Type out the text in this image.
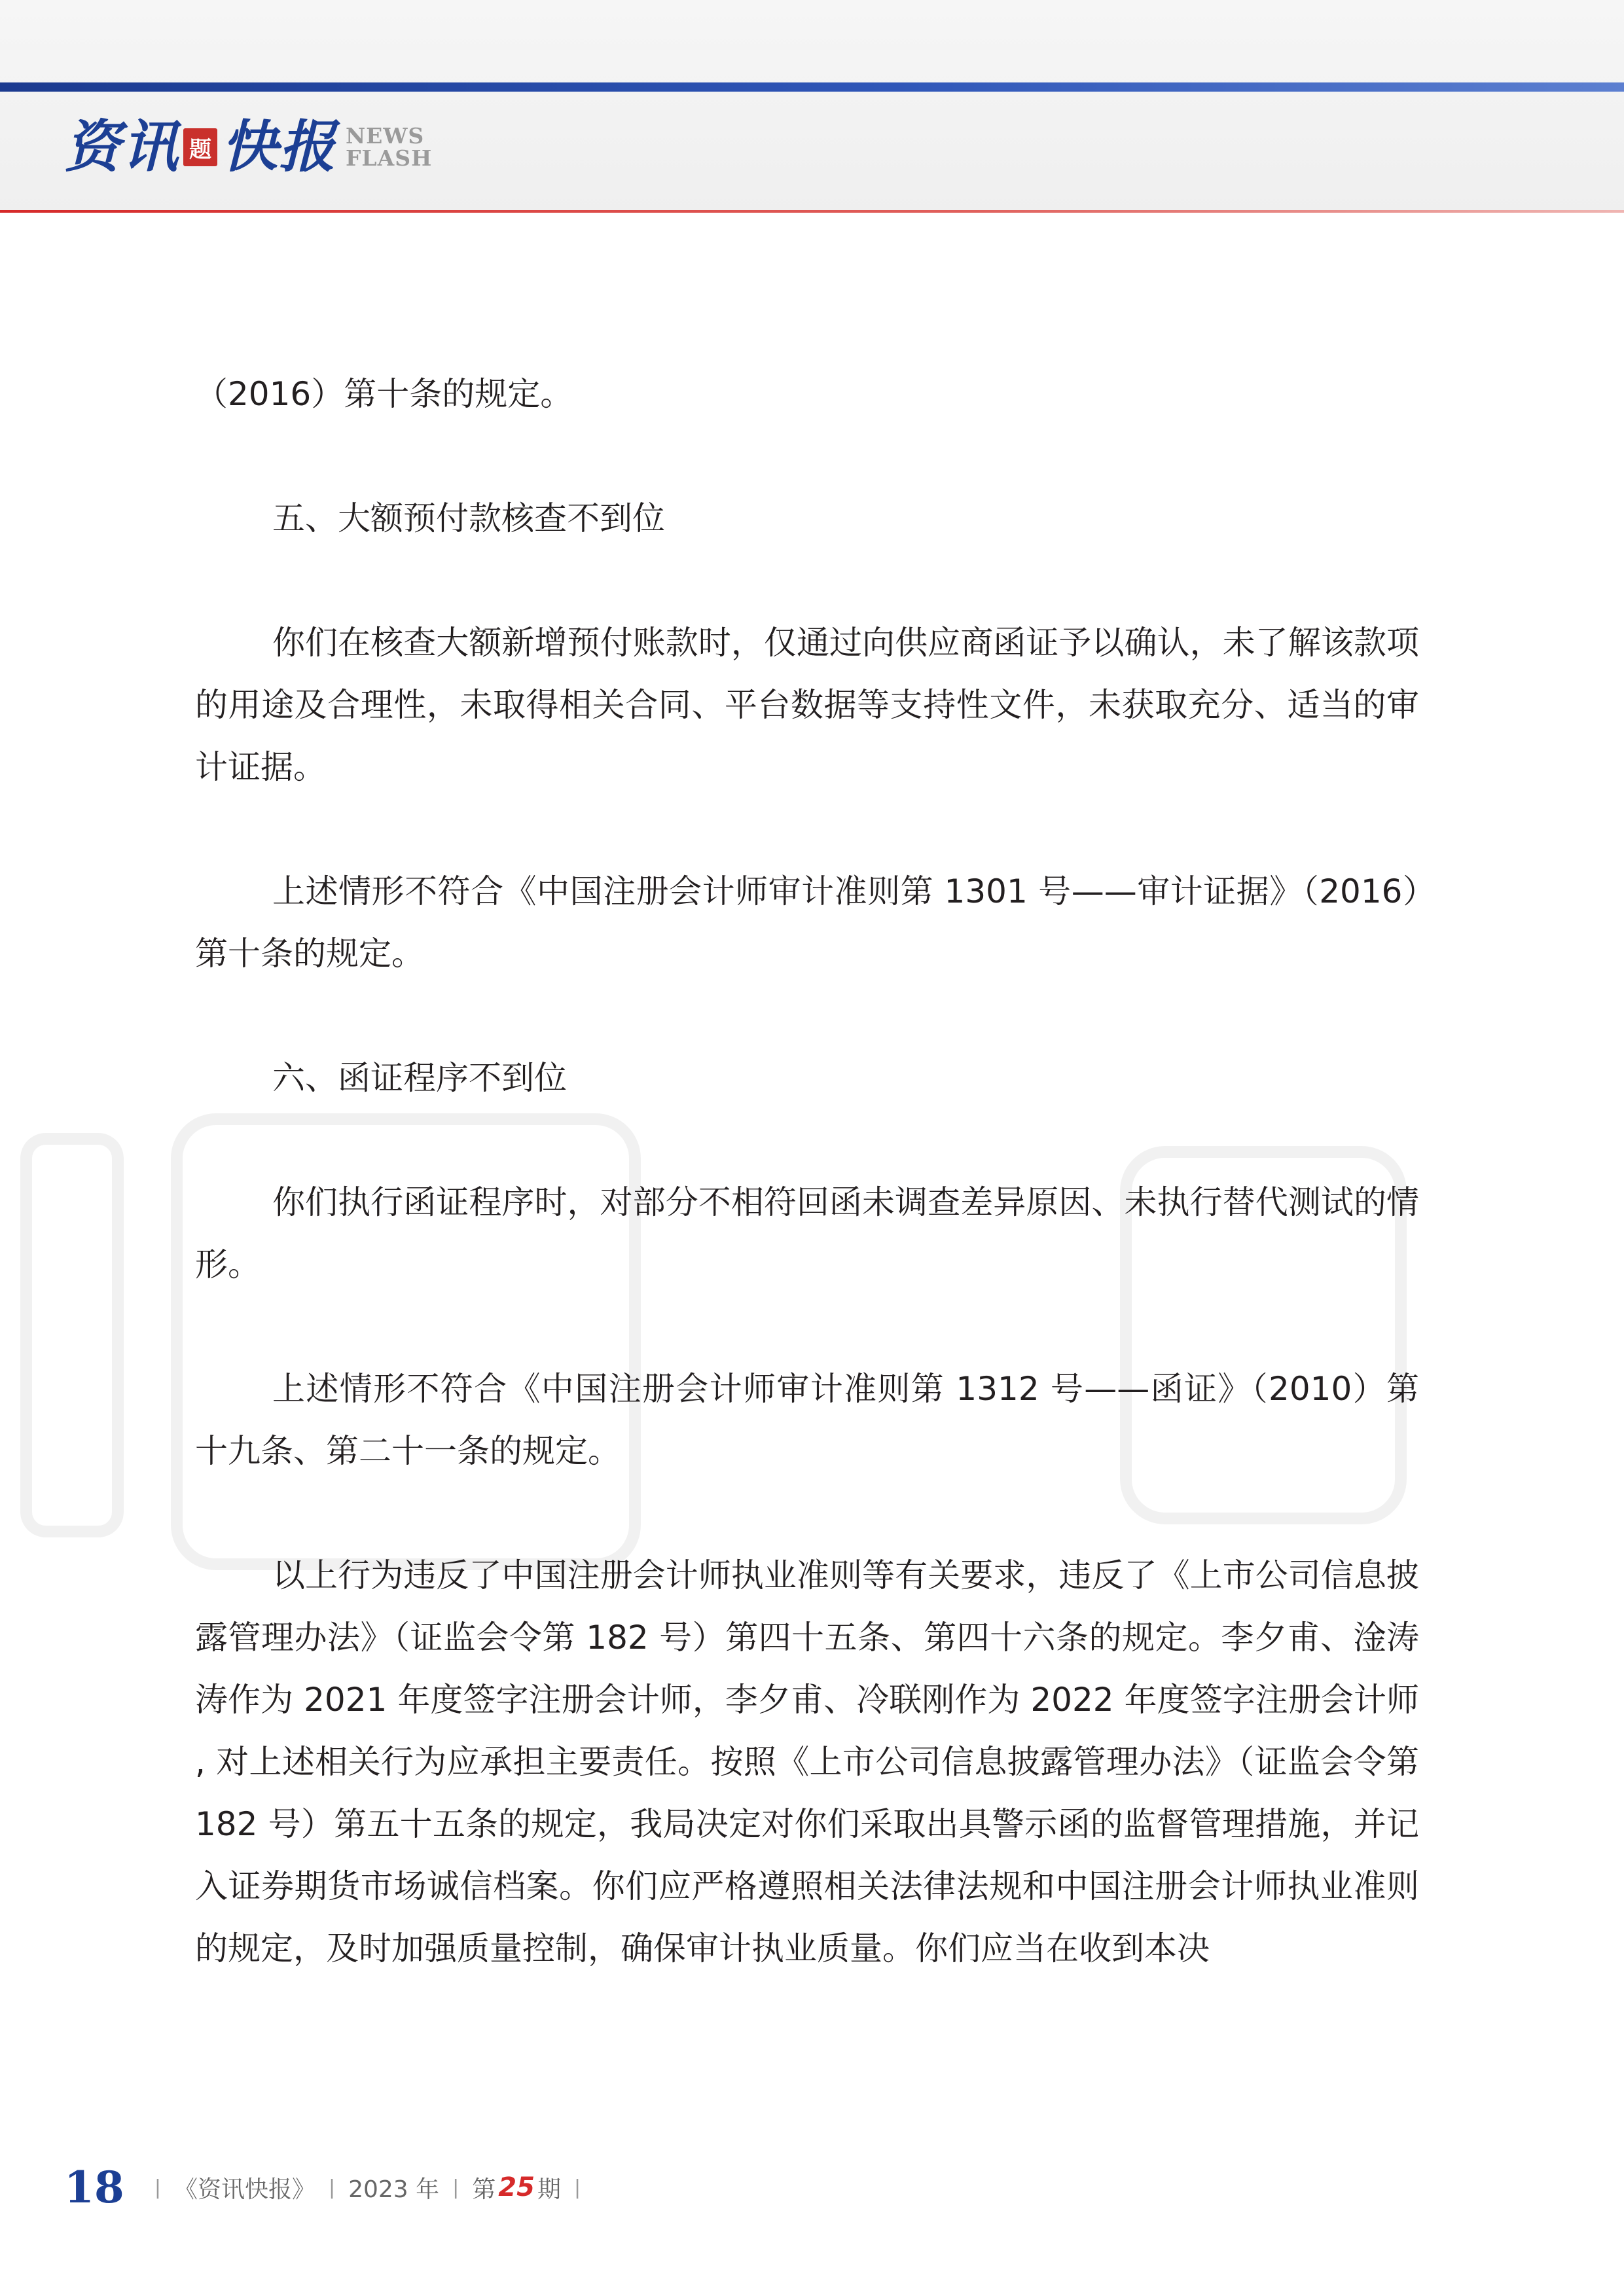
资讯 题 快报 NEWS
FLASH

（2016）第十条的规定。

五、大额预付款核查不到位

你们在核查大额新增预付账款时，仅通过向供应商函证予以确认，未了解该款项的用途及合理性，未取得相关合同、平台数据等支持性文件，未获取充分、适当的审计证据。

上述情形不符合《中国注册会计师审计准则第 1301 号——审计证据》（2016）第十条的规定。

六、函证程序不到位

你们执行函证程序时，对部分不相符回函未调查差异原因、未执行替代测试的情形。

上述情形不符合《中国注册会计师审计准则第 1312 号——函证》（2010）第十九条、第二十一条的规定。

以上行为违反了中国注册会计师执业准则等有关要求，违反了《上市公司信息披露管理办法》（证监会令第 182 号）第四十五条、第四十六条的规定。李夕甫、淦涛涛作为 2021 年度签字注册会计师，李夕甫、冷联刚作为 2022 年度签字注册会计师 , 对上述相关行为应承担主要责任。按照《上市公司信息披露管理办法》（证监会令第 182 号）第五十五条的规定，我局决定对你们采取出具警示函的监督管理措施，并记入证券期货市场诚信档案。你们应严格遵照相关法律法规和中国注册会计师执业准则的规定，及时加强质量控制，确保审计执业质量。你们应当在收到本决

18 | 《资讯快报》 | 2023 年 | 第 25 期 |
